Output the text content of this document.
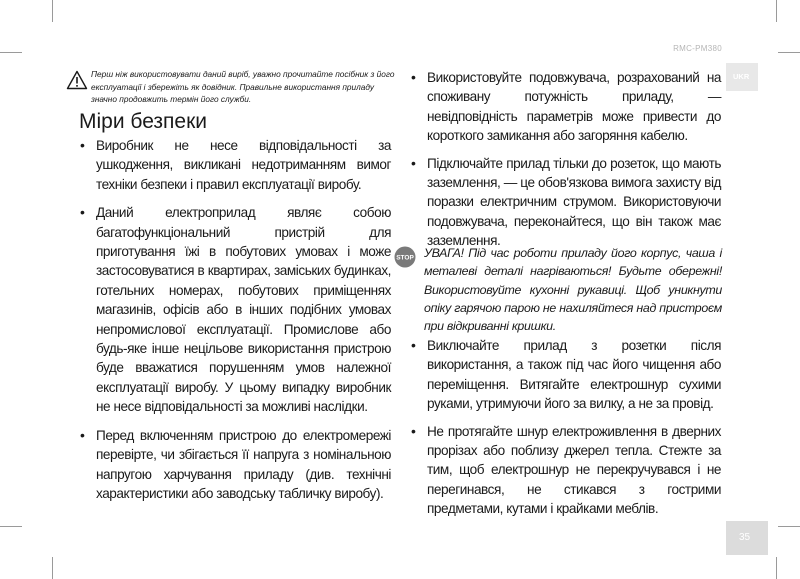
RMC-PM380
UKR
35
Перш ніж використовувати даний виріб, уважно прочитайте посібник з його експлуатації і збережіть як довідник. Правильне використання приладу значно продовжить термін його служби.
Міри безпеки
• Виробник не несе відповідальності за ушкодження, викликані недотриманням вимог техніки безпеки і правил експлуатації виробу.
• Даний електроприлад являє собою багатофункціональний пристрій для приготування їжі в побутових умовах і може застосовуватися в квартирах, заміських будинках, готельних номерах, побутових приміщеннях магазинів, офісів або в інших подібних умовах непромислової експлуатації. Промислове або будь-яке інше нецільове використання пристрою буде вважатися порушенням умов належної експлуатації виробу. У цьому випадку виробник не несе відповідальності за можливі наслідки.
• Перед включенням пристрою до електромережі перевірте, чи збігається її напруга з номінальною напругою харчування приладу (див. технічні характеристики або заводську табличку виробу).
• Використовуйте подовжувача, розрахований на споживану потужність приладу, — невідповідність параметрів може привести до короткого замикання або загоряння кабелю.
• Підключайте прилад тільки до розеток, що мають заземлення, — це обов'язкова вимога захисту від поразки електричним струмом. Використовуючи подовжувача, переконайтеся, що він також має заземлення.
STOP УВАГА! Під час роботи приладу його корпус, чаша і металеві деталі нагріваються! Будьте обережні! Використовуйте кухонні рукавиці. Щоб уникнути опіку гарячою парою не нахиляйтеся над пристроєм при відкриванні кришки.
• Виключайте прилад з розетки після використання, а також під час його чищення або переміщення. Витягайте електрошнур сухими руками, утримуючи його за вилку, а не за провід.
• Не протягайте шнур електроживлення в дверних прорізах або поблизу джерел тепла. Стежте за тим, щоб електрошнур не перекручувався і не перегинався, не стикався з гострими предметами, кутами і крайками меблів.
